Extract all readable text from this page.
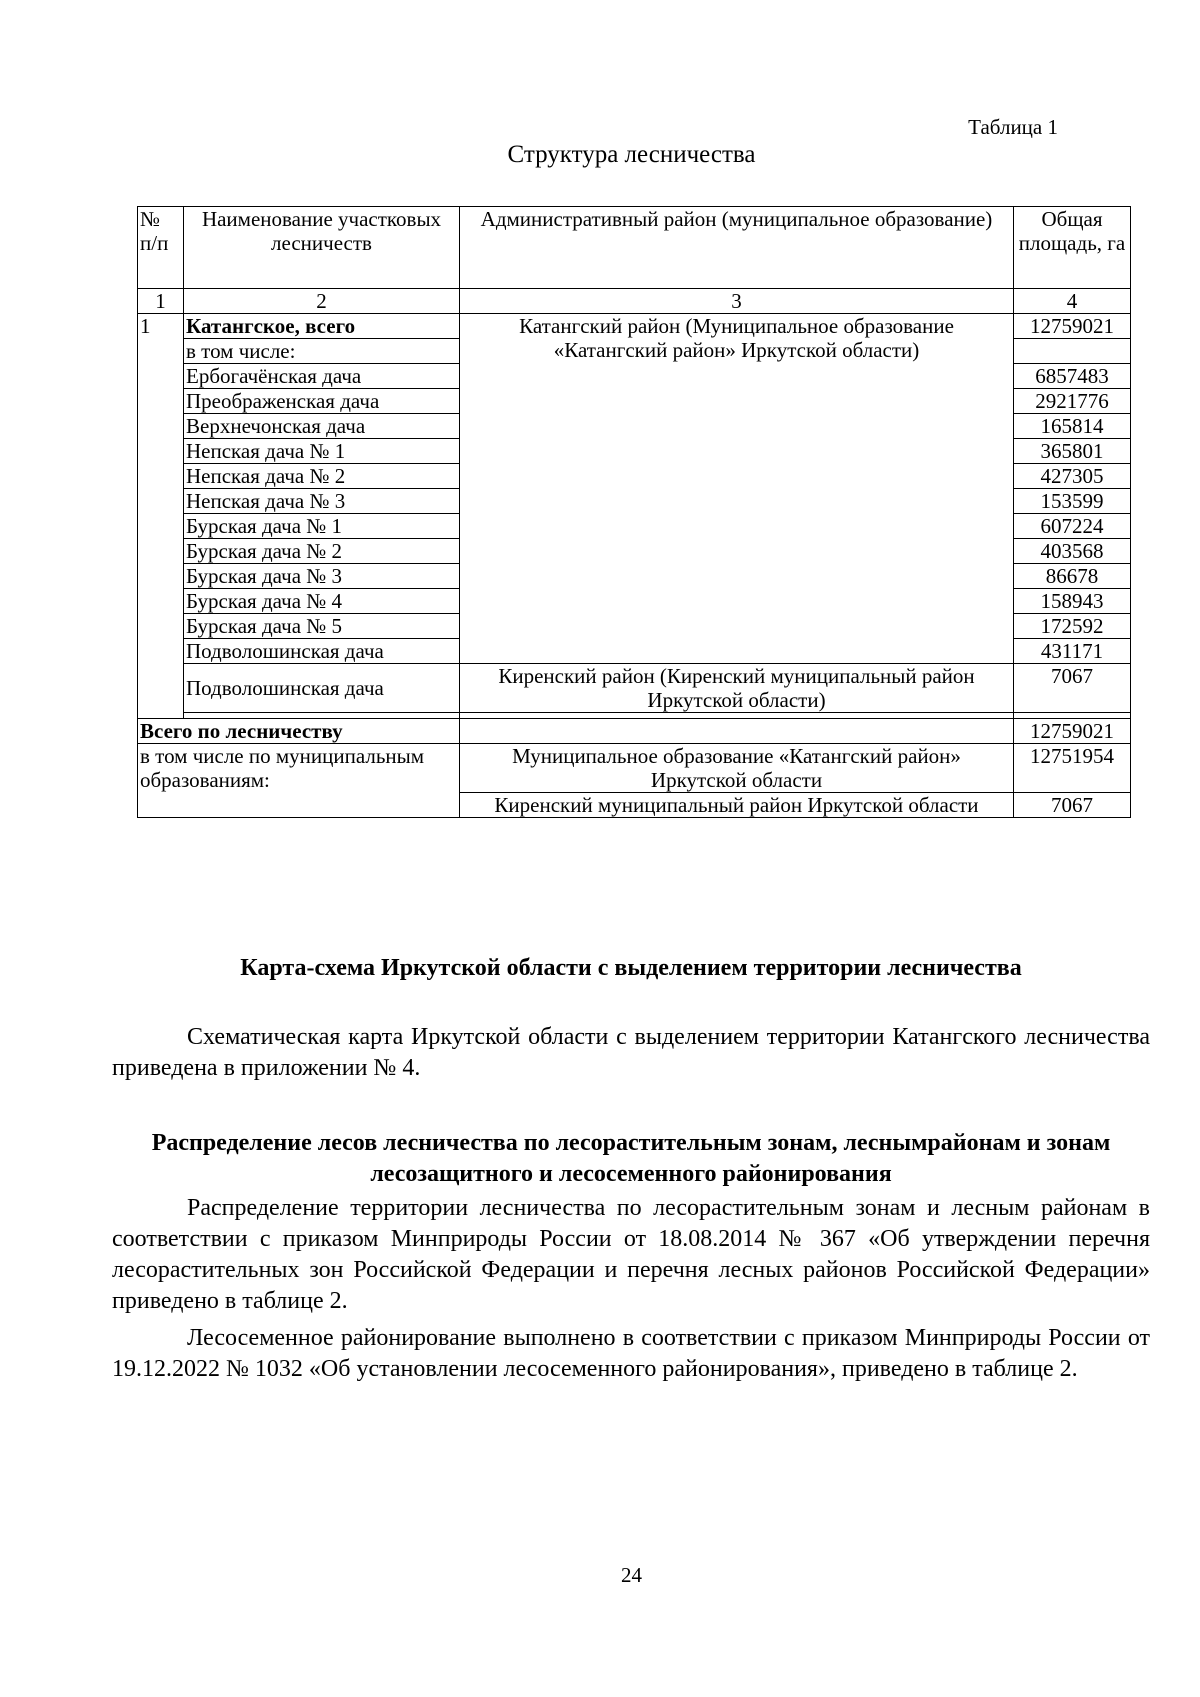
Таблица 1
Структура лесничества
№ п/п	Наименование участковых лесничеств	Административный район (муниципальное образование)	Общая площадь, га
1	2	3	4
1	Катангское, всего	Катангский район (Муниципальное образование «Катангский район» Иркутской области)	12759021
	в том числе:		
	Ербогачёнская дача		6857483
	Преображенская дача		2921776
	Верхнечонская дача		165814
	Непская дача № 1		365801
	Непская дача № 2		427305
	Непская дача № 3		153599
	Бурская дача № 1		607224
	Бурская дача № 2		403568
	Бурская дача № 3		86678
	Бурская дача № 4		158943
	Бурская дача № 5		172592
	Подволошинская дача		431171
	Подволошинская дача	Киренский район (Киренский муниципальный район Иркутской области)	7067

Всего по лесничеству			12759021
в том числе по муниципальным образованиям:		Муниципальное образование «Катангский район» Иркутской области	12751954
		Киренский муниципальный район Иркутской области	7067
Карта-схема Иркутской области с выделением территории лесничества

Схематическая карта Иркутской области с выделением территории Катангского лесничества приведена в приложении № 4.

Распределение лесов лесничества по лесорастительным зонам, леснымрайонам и зонам лесозащитного и лесосеменного районирования

Распределение территории лесничества по лесорастительным зонам и лесным районам в соответствии с приказом Минприроды России от 18.08.2014 № 367 «Об утверждении перечня лесорастительных зон Российской Федерации и перечня лесных районов Российской Федерации» приведено в таблице 2.

Лесосеменное районирование выполнено в соответствии с приказом Минприроды России от 19.12.2022 № 1032 «Об установлении лесосеменного районирования», приведено в таблице 2.

24
